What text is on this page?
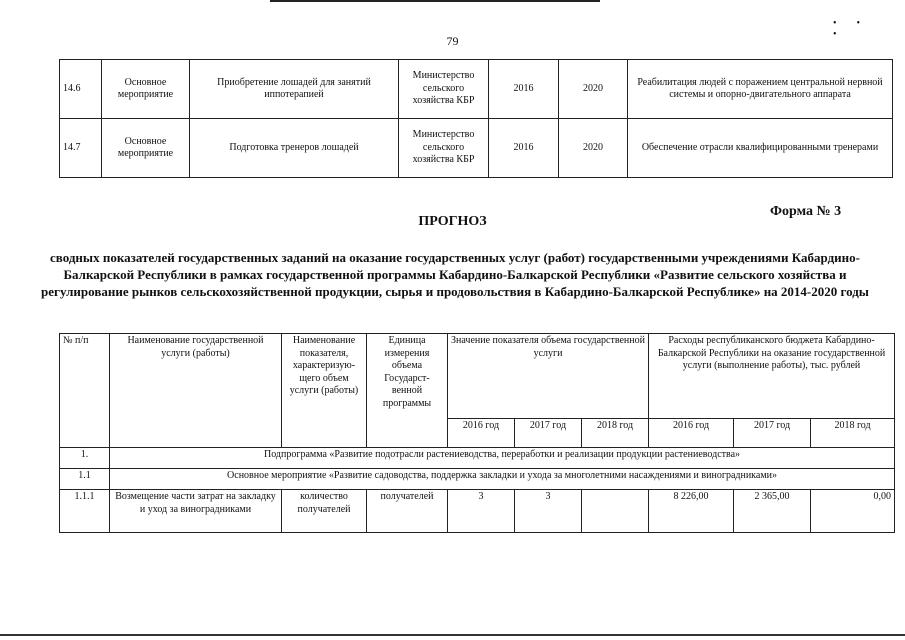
•• •
79
14.6	Основное мероприятие	Приобретение лошадей для занятий иппотерапией	Министерство сельского хозяйства КБР	2016	2020	Реабилитация людей с поражением центральной нервной системы и опорно-двигательного аппарата
14.7	Основное мероприятие	Подготовка тренеров лошадей	Министерство сельского хозяйства КБР	2016	2020	Обеспечение отрасли квалифицированными тренерами
Форма № 3
ПРОГНОЗ
сводных показателей государственных заданий на оказание государственных услуг (работ) государственными учреждениями Кабардино-Балкарской Республики в рамках государственной программы Кабардино-Балкарской Республики «Развитие сельского хозяйства и регулирование рынков сельскохозяйственной продукции, сырья и продовольствия в Кабардино-Балкарской Республике» на 2014-2020 годы
№ п/п	Наименование государственной услуги (работы)	Наименование показателя, характеризую-щего объем услуги (работы)	Единица измерения объема Государст-венной программы	Значение показателя объема государственной услуги			Расходы республиканского бюджета Кабардино-Балкарской Республики на оказание государственной услуги (выполнение работы), тыс. рублей		
				2016 год	2017 год	2018 год	2016 год	2017 год	2018 год
1.	Подпрограмма «Развитие подотрасли растениеводства, переработки и реализации продукции растениеводства»								
1.1	Основное мероприятие «Развитие садоводства, поддержка закладки и ухода за многолетними насаждениями и виноградниками»								
1.1.1	Возмещение части затрат на закладку и уход за виноградниками	количество получателей	получателей	3	3		8 226,00	2 365,00	0,00
